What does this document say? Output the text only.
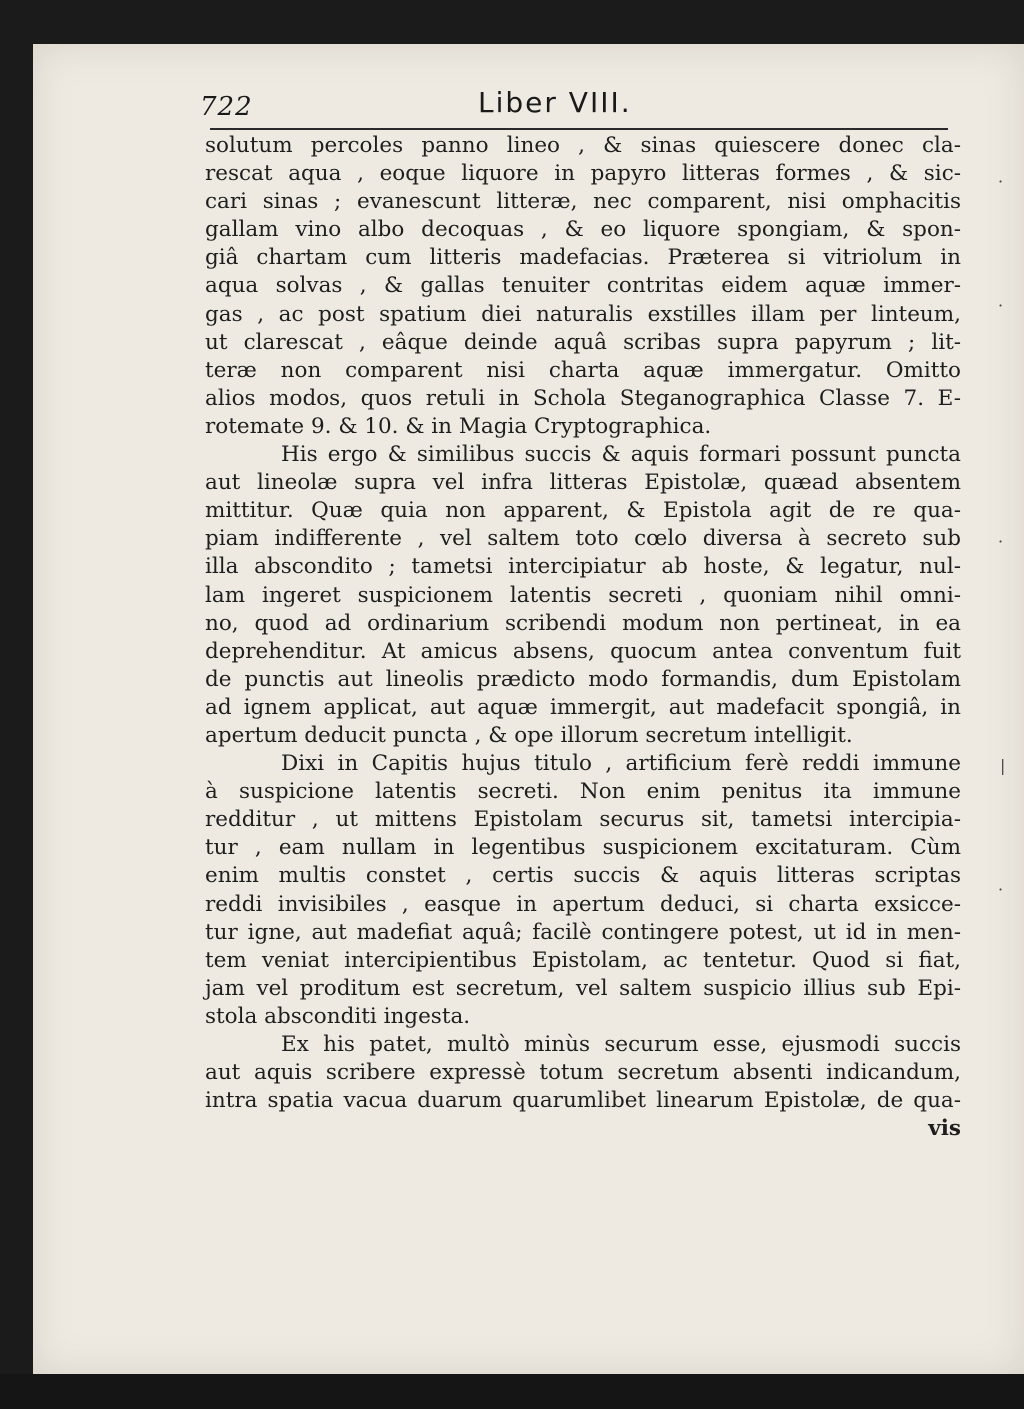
722	Liber VIII.
solutum percoles panno lineo , & sinas quiescere donec cla-
rescat aqua , eoque liquore in papyro litteras formes , & sic-
cari sinas ; evanescunt litteræ, nec comparent, nisi omphacitis
gallam vino albo decoquas , & eo liquore spongiam, & spon-
giâ chartam cum litteris madefacias. Præterea si vitriolum in
aqua solvas , & gallas tenuiter contritas eidem aquæ immer-
gas , ac post spatium diei naturalis exstilles illam per linteum,
ut clarescat , eâque deinde aquâ scribas supra papyrum ; lit-
teræ non comparent nisi charta aquæ immergatur. Omitto
alios modos, quos retuli in Schola Steganographica Classe 7. E-
rotemate 9. & 10. & in Magia Cryptographica.
His ergo & similibus succis & aquis formari possunt puncta
aut lineolæ supra vel infra litteras Epistolæ, quæad absentem
mittitur. Quæ quia non apparent, & Epistola agit de re qua-
piam indifferente , vel saltem toto cœlo diversa à secreto sub
illa abscondito ; tametsi intercipiatur ab hoste, & legatur, nul-
lam ingeret suspicionem latentis secreti , quoniam nihil omni-
no, quod ad ordinarium scribendi modum non pertineat, in ea
deprehenditur. At amicus absens, quocum antea conventum fuit
de punctis aut lineolis prædicto modo formandis, dum Epistolam
ad ignem applicat, aut aquæ immergit, aut madefacit spongiâ, in
apertum deducit puncta , & ope illorum secretum intelligit.
Dixi in Capitis hujus titulo , artificium ferè reddi immune
à suspicione latentis secreti. Non enim penitus ita immune
redditur , ut mittens Epistolam securus sit, tametsi intercipia-
tur , eam nullam in legentibus suspicionem excitaturam. Cùm
enim multis constet , certis succis & aquis litteras scriptas
reddi invisibiles , easque in apertum deduci, si charta exsicce-
tur igne, aut madefiat aquâ; facilè contingere potest, ut id in men-
tem veniat intercipientibus Epistolam, ac tentetur. Quod si fiat,
jam vel proditum est secretum, vel saltem suspicio illius sub Epi-
stola absconditi ingesta.
Ex his patet, multò minùs securum esse, ejusmodi succis
aut aquis scribere expressè totum secretum absenti indicandum,
intra spatia vacua duarum quarumlibet linearum Epistolæ, de qua-
vis
·
·
·
|
·
